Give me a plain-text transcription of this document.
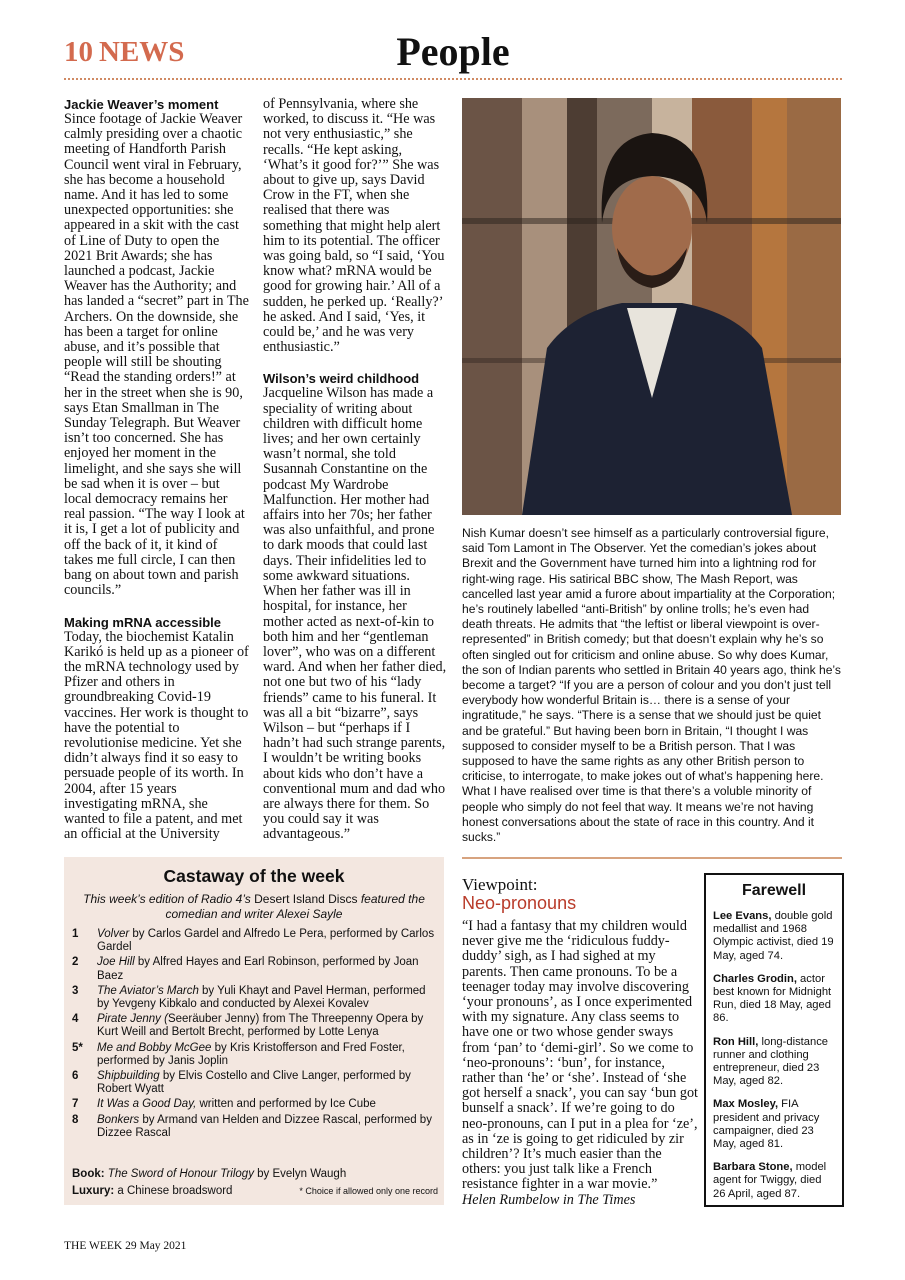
10 NEWS	People
Jackie Weaver’s moment

Since footage of Jackie Weaver calmly presiding over a chaotic meeting of Handforth Parish Council went viral in February, she has become a household name. And it has led to some unexpected opportunities: she appeared in a skit with the cast of Line of Duty to open the 2021 Brit Awards; she has launched a podcast, Jackie Weaver has the Authority; and has landed a “secret” part in The Archers. On the downside, she has been a target for online abuse, and it’s possible that people will still be shouting “Read the standing orders!” at her in the street when she is 90, says Etan Smallman in The Sunday Telegraph. But Weaver isn’t too concerned. She has enjoyed her moment in the limelight, and she says she will be sad when it is over – but local democracy remains her real passion. “The way I look at it is, I get a lot of publicity and off the back of it, it kind of takes me full circle, I can then bang on about town and parish councils.”

Making mRNA accessible

Today, the biochemist Katalin Karikó is held up as a pioneer of the mRNA technology used by Pfizer and others in groundbreaking Covid-19 vaccines. Her work is thought to have the potential to revolutionise medicine. Yet she didn’t always find it so easy to persuade people of its worth. In 2004, after 15 years investigating mRNA, she wanted to file a patent, and met an official at the University

of Pennsylvania, where she worked, to discuss it. “He was not very enthusiastic,” she recalls. “He kept asking, ‘What’s it good for?’” She was about to give up, says David Crow in the FT, when she realised that there was something that might help alert him to its potential. The officer was going bald, so “I said, ‘You know what? mRNA would be good for growing hair.’ All of a sudden, he perked up. ‘Really?’ he asked. And I said, ‘Yes, it could be,’ and he was very enthusiastic.”

Wilson’s weird childhood

Jacqueline Wilson has made a speciality of writing about children with difficult home lives; and her own certainly wasn’t normal, she told Susannah Constantine on the podcast My Wardrobe Malfunction. Her mother had affairs into her 70s; her father was also unfaithful, and prone to dark moods that could last days. Their infidelities led to some awkward situations. When her father was ill in hospital, for instance, her mother acted as next-of-kin to both him and her “gentleman lover”, who was on a different ward. And when her father died, not one but two of his “lady friends” came to his funeral. It was all a bit “bizarre”, says Wilson – but “perhaps if I hadn’t had such strange parents, I wouldn’t be writing books about kids who don’t have a conventional mum and dad who are always there for them. So you could say it was advantageous.”

Nish Kumar doesn’t see himself as a particularly controversial figure, said Tom Lamont in The Observer. Yet the comedian’s jokes about Brexit and the Government have turned him into a lightning rod for right-wing rage. His satirical BBC show, The Mash Report, was cancelled last year amid a furore about impartiality at the Corporation; he’s routinely labelled “anti-British” by online trolls; he’s even had death threats. He admits that “the leftist or liberal viewpoint is over-represented” in British comedy; but that doesn’t explain why he’s so often singled out for criticism and online abuse. So why does Kumar, the son of Indian parents who settled in Britain 40 years ago, think he’s become a target? “If you are a person of colour and you don’t just tell everybody how wonderful Britain is… there is a sense of your ingratitude,” he says. “There is a sense that we should just be quiet and be grateful.” But having been born in Britain, “I thought I was supposed to consider myself to be a British person. That I was supposed to have the same rights as any other British person to criticise, to interrogate, to make jokes out of what’s happening here. What I have realised over time is that there’s a voluble minority of people who simply do not feel that way. It means we’re not having honest conversations about the state of race in this country. And it sucks.”

Castaway of the week
This week’s edition of Radio 4’s Desert Island Discs featured the comedian and writer Alexei Sayle
1 Volver by Carlos Gardel and Alfredo Le Pera, performed by Carlos Gardel
2 Joe Hill by Alfred Hayes and Earl Robinson, performed by Joan Baez
3 The Aviator’s March by Yuli Khayt and Pavel Herman, performed by Yevgeny Kibkalo and conducted by Alexei Kovalev
4 Pirate Jenny (Seeräuber Jenny) from The Threepenny Opera by Kurt Weill and Bertolt Brecht, performed by Lotte Lenya
5* Me and Bobby McGee by Kris Kristofferson and Fred Foster, performed by Janis Joplin
6 Shipbuilding by Elvis Costello and Clive Langer, performed by Robert Wyatt
7 It Was a Good Day, written and performed by Ice Cube
8 Bonkers by Armand van Helden and Dizzee Rascal, performed by Dizzee Rascal
Book: The Sword of Honour Trilogy by Evelyn Waugh
Luxury: a Chinese broadsword	* Choice if allowed only one record
Viewpoint:
Neo-pronouns

“I had a fantasy that my children would never give me the ‘ridiculous fuddy-duddy’ sigh, as I had sighed at my parents. Then came pronouns. To be a teenager today may involve discovering ‘your pronouns’, as I once experimented with my signature. Any class seems to have one or two whose gender sways from ‘pan’ to ‘demi-girl’. So we come to ‘neo-pronouns’: ‘bun’, for instance, rather than ‘he’ or ‘she’. Instead of ‘she got herself a snack’, you can say ‘bun got bunself a snack’. If we’re going to do neo-pronouns, can I put in a plea for ‘ze’, as in ‘ze is going to get ridiculed by zir children’? It’s much easier than the others: you just talk like a French resistance fighter in a war movie.”

Helen Rumbelow in The Times

Farewell
Lee Evans, double gold medallist and 1968 Olympic activist, died 19 May, aged 74.
Charles Grodin, actor best known for Midnight Run, died 18 May, aged 86.
Ron Hill, long-distance runner and clothing entrepreneur, died 23 May, aged 82.
Max Mosley, FIA president and privacy campaigner, died 23 May, aged 81.
Barbara Stone, model agent for Twiggy, died 26 April, aged 87.
THE WEEK 29 May 2021
